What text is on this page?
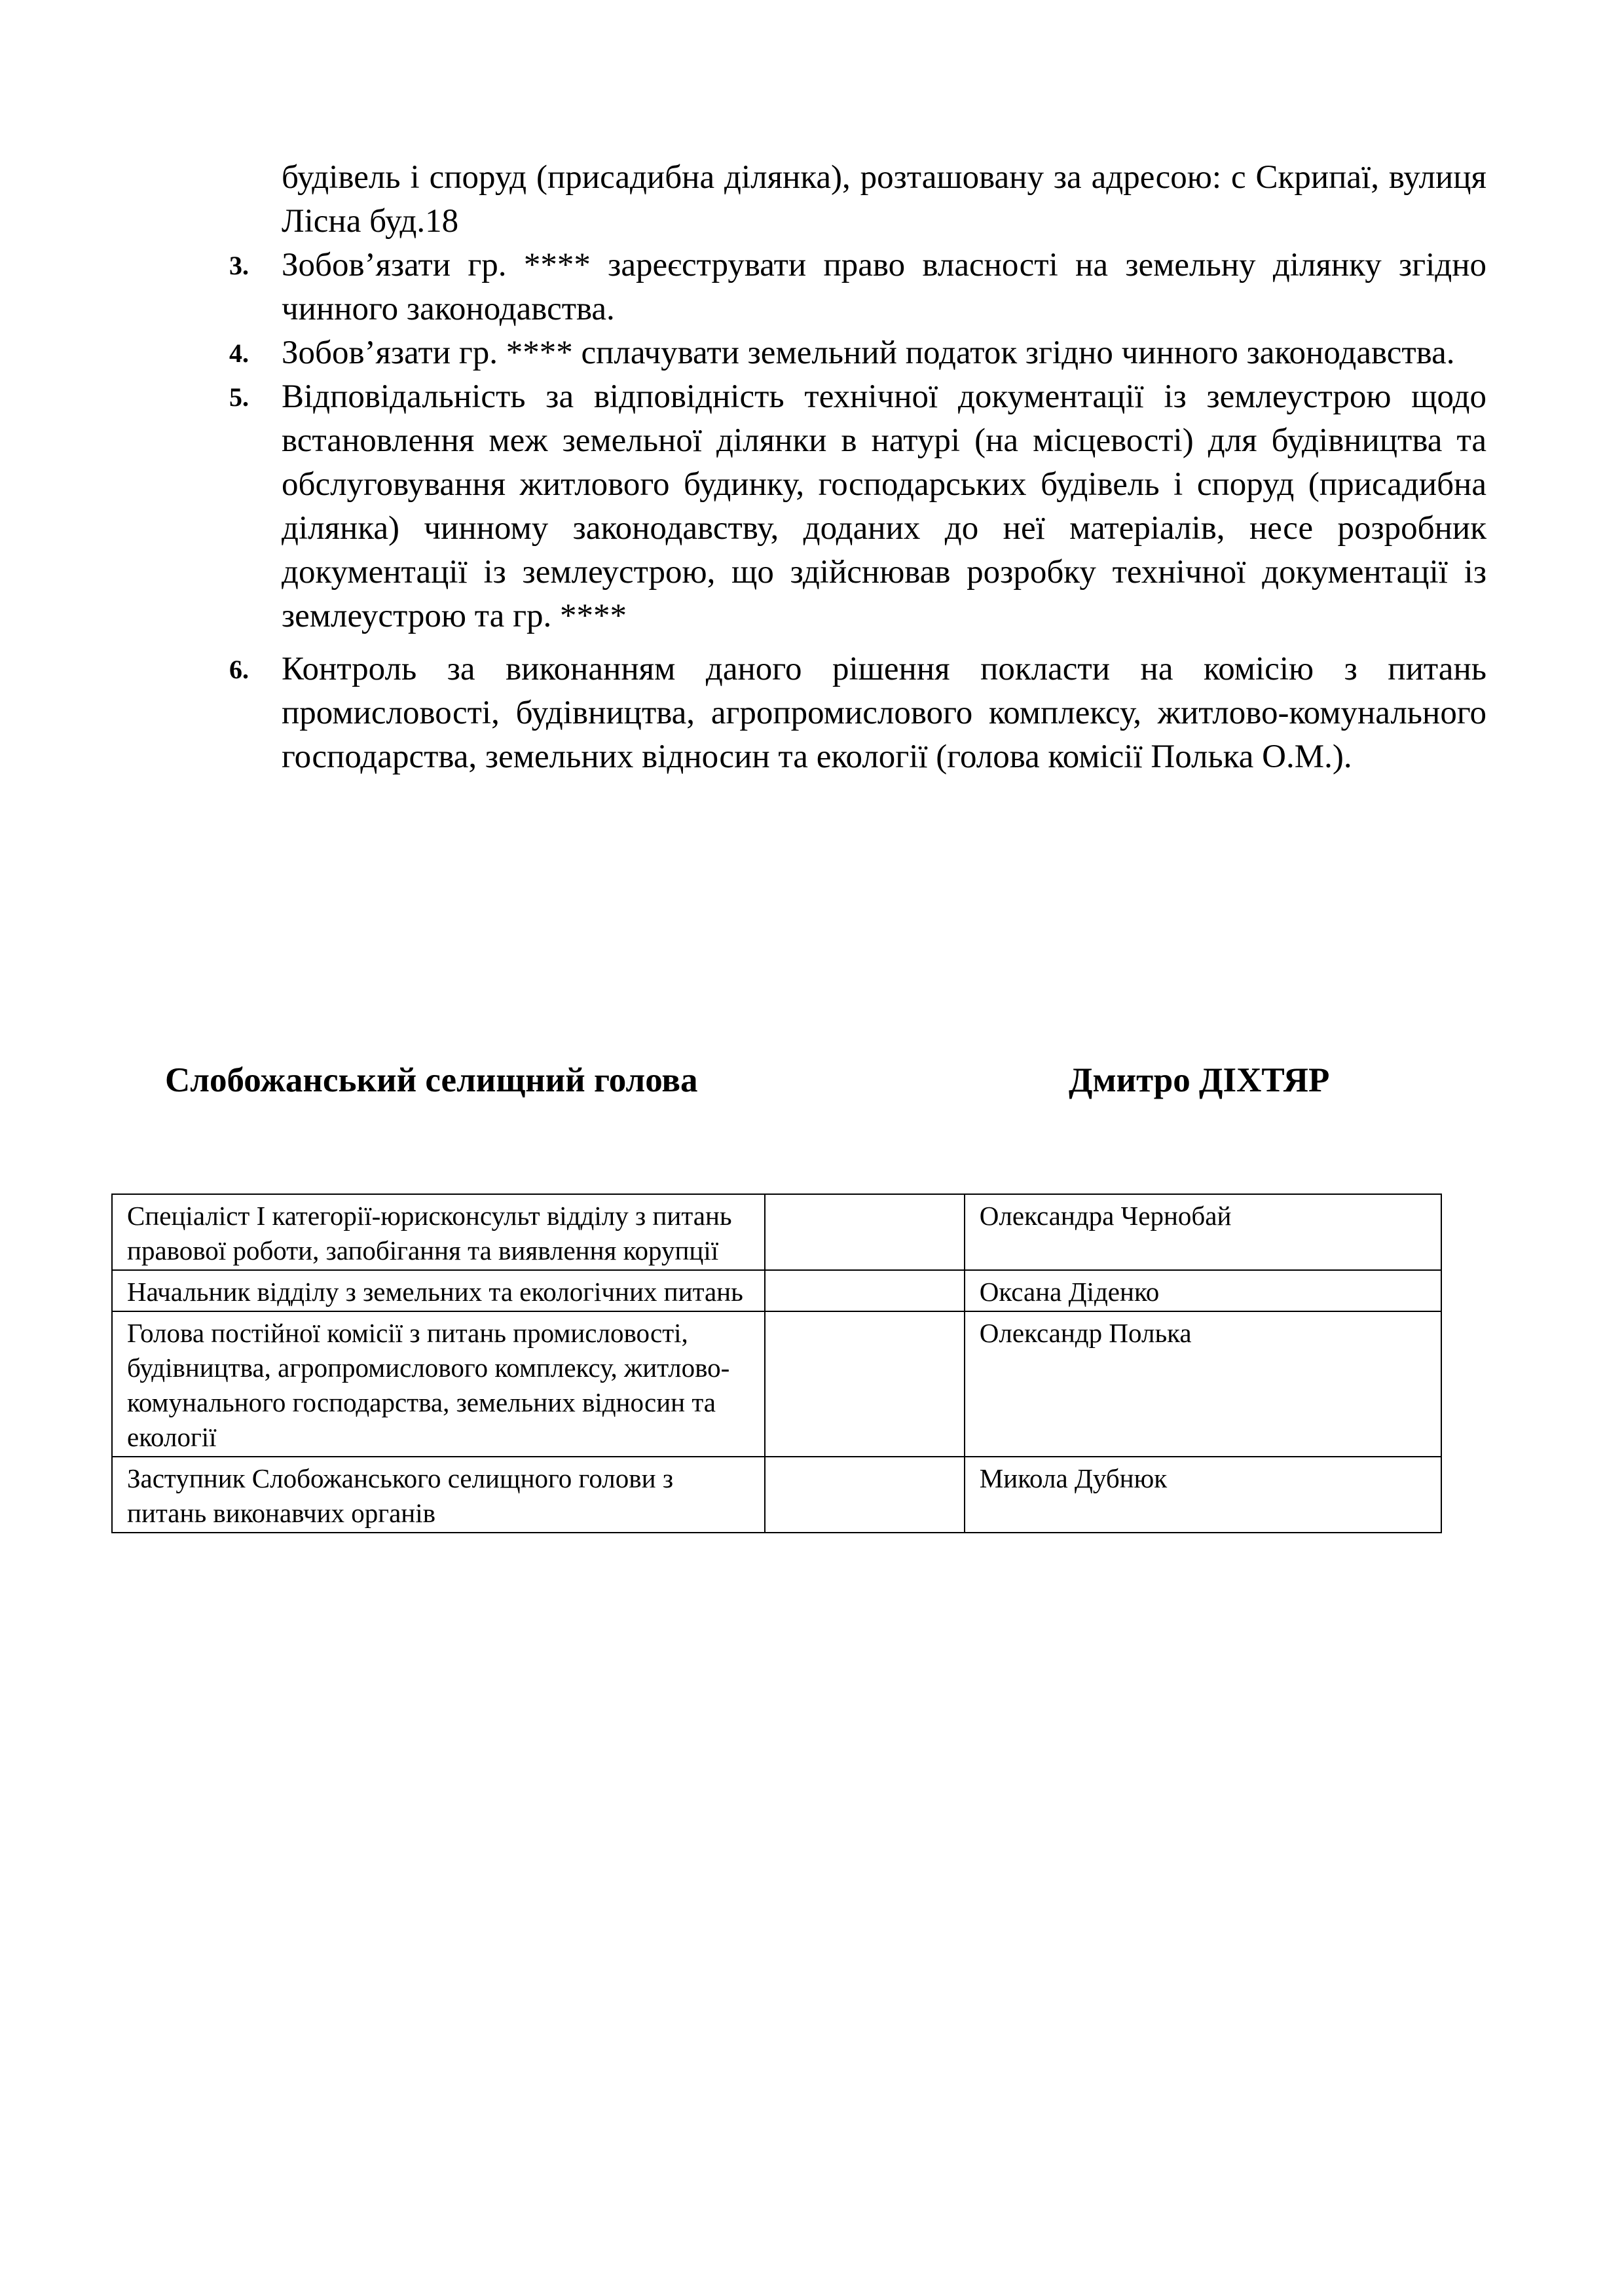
будівель і споруд (присадибна ділянка), розташовану за адресою: с Скрипаї, вулиця Лісна буд.18
3. Зобов’язати гр. **** зареєструвати право власності на земельну ділянку згідно чинного законодавства.
4. Зобов’язати гр. **** сплачувати земельний податок згідно чинного законодавства.
5. Відповідальність за відповідність технічної документації із землеустрою щодо встановлення меж земельної ділянки в натурі (на місцевості) для будівництва та обслуговування житлового будинку, господарських будівель і споруд (присадибна ділянка) чинному законодавству, доданих до неї матеріалів, несе розробник документації із землеустрою, що здійснював розробку технічної документації із землеустрою та гр. ****
6. Контроль за виконанням даного рішення покласти на комісію з питань промисловості, будівництва, агропромислового комплексу, житлово-комунального господарства, земельних відносин та екології (голова комісії Полька О.М.).
Слобожанський селищний голова	Дмитро ДІХТЯР
Спеціаліст І категорії-юрисконсульт відділу з питань правової роботи, запобігання та виявлення корупції		Олександра Чернобай
Начальник відділу з земельних та екологічних питань		Оксана Діденко
Голова постійної комісії з питань промисловості, будівництва, агропромислового комплексу, житлово-комунального господарства, земельних відносин та екології		Олександр Полька
Заступник Слобожанського селищного голови з питань виконавчих органів		Микола Дубнюк
